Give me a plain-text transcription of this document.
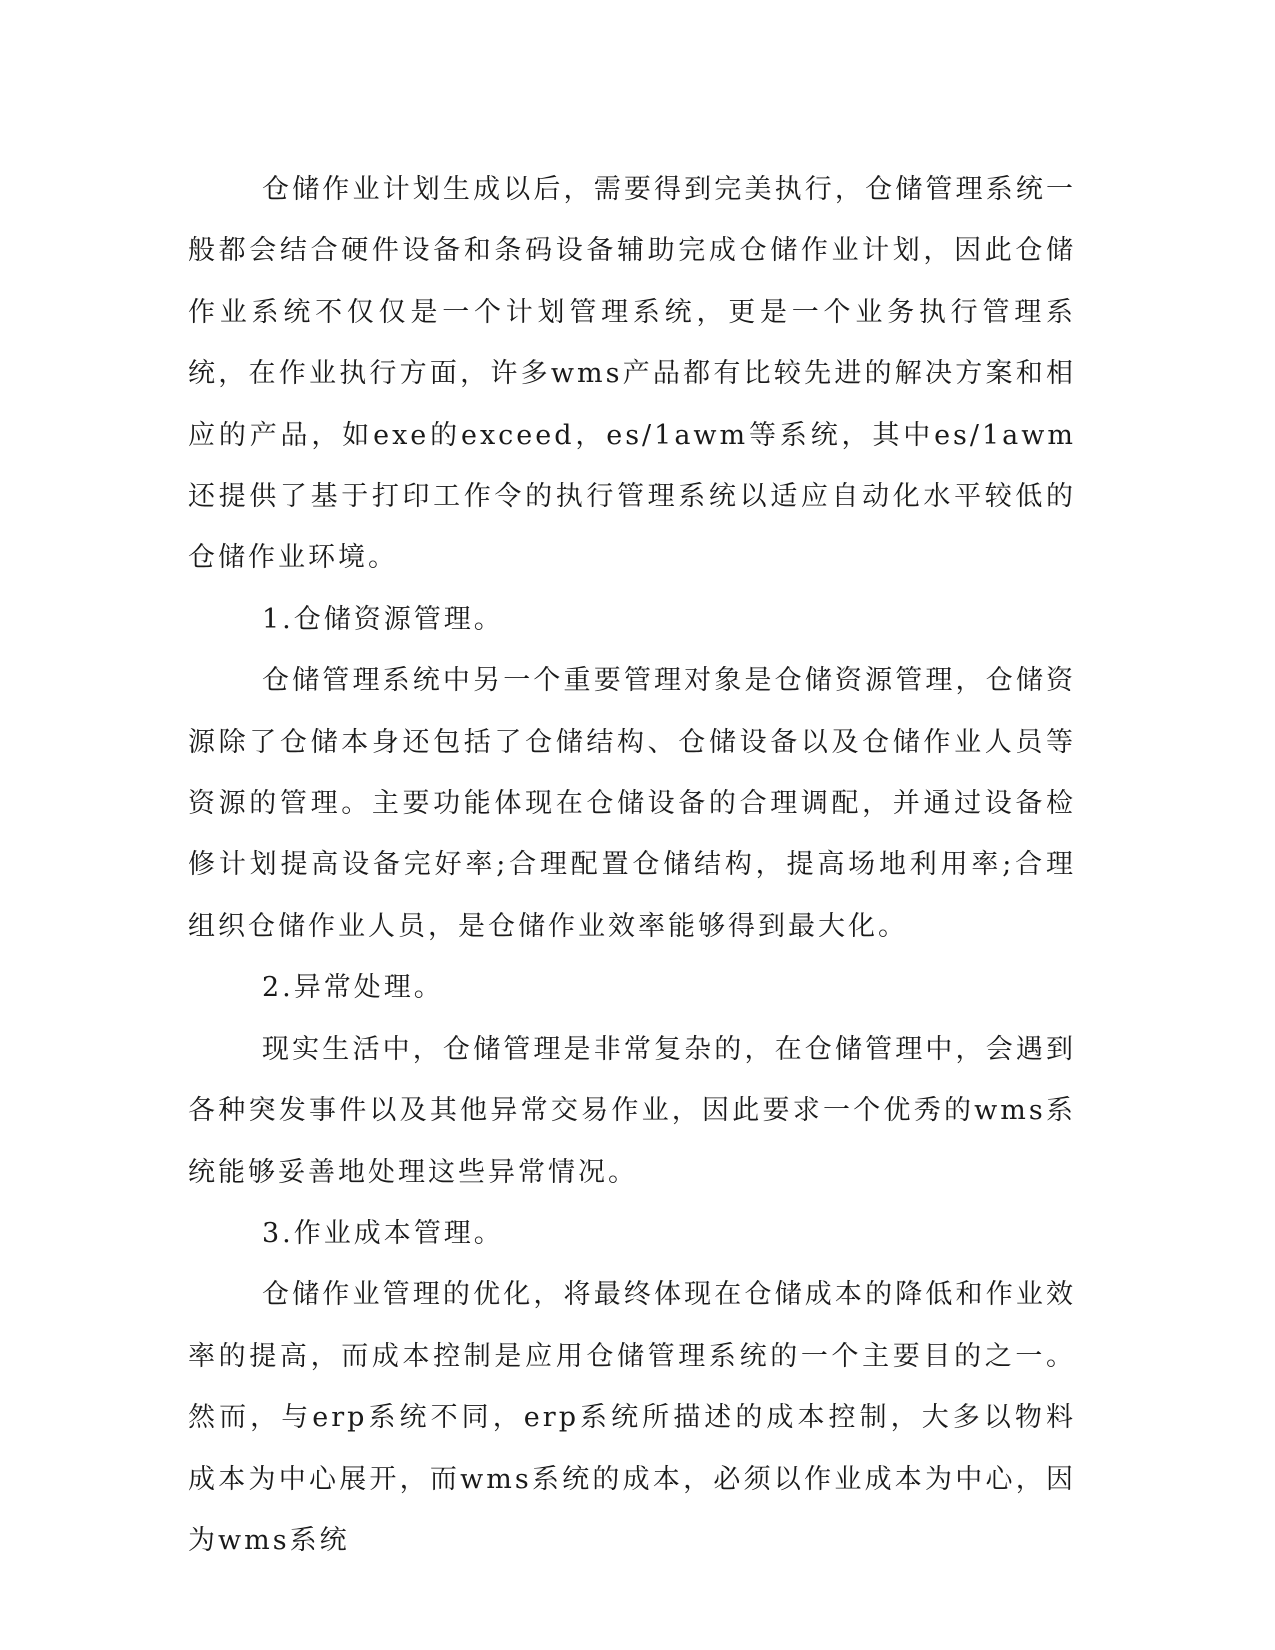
仓储作业计划生成以后，需要得到完美执行，仓储管理系统一般都会结合硬件设备和条码设备辅助完成仓储作业计划，因此仓储作业系统不仅仅是一个计划管理系统，更是一个业务执行管理系统，在作业执行方面，许多wms产品都有比较先进的解决方案和相应的产品，如exe的exceed，es/1awm等系统，其中es/1awm还提供了基于打印工作令的执行管理系统以适应自动化水平较低的仓储作业环境。

1.仓储资源管理。

仓储管理系统中另一个重要管理对象是仓储资源管理，仓储资源除了仓储本身还包括了仓储结构、仓储设备以及仓储作业人员等资源的管理。主要功能体现在仓储设备的合理调配，并通过设备检修计划提高设备完好率;合理配置仓储结构，提高场地利用率;合理组织仓储作业人员，是仓储作业效率能够得到最大化。

2.异常处理。

现实生活中，仓储管理是非常复杂的，在仓储管理中，会遇到各种突发事件以及其他异常交易作业，因此要求一个优秀的wms系统能够妥善地处理这些异常情况。

3.作业成本管理。

仓储作业管理的优化，将最终体现在仓储成本的降低和作业效率的提高，而成本控制是应用仓储管理系统的一个主要目的之一。然而，与erp系统不同，erp系统所描述的成本控制，大多以物料成本为中心展开，而wms系统的成本，必须以作业成本为中心，因为wms系统
